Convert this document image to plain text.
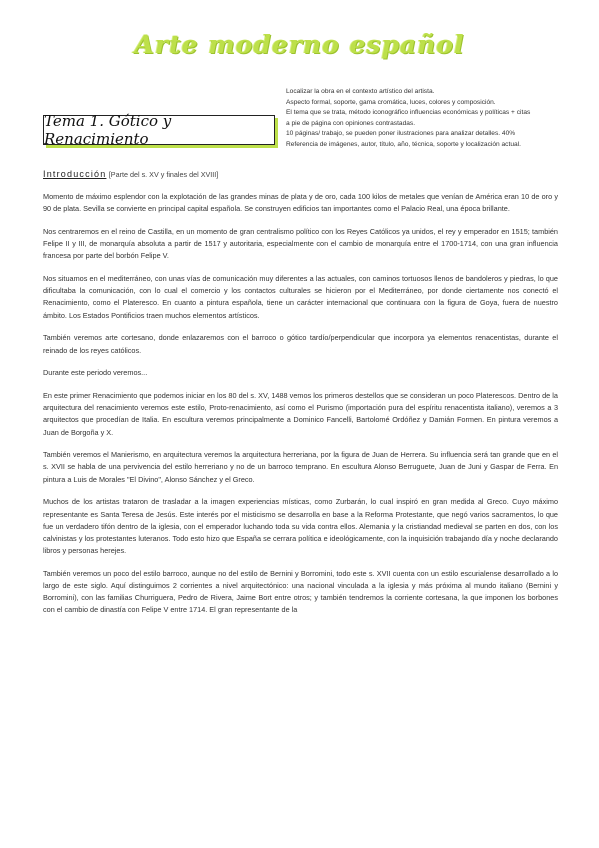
Arte moderno español
Localizar la obra en el contexto artístico del artista.
Aspecto formal, soporte, gama cromática, luces, colores y composición.
El tema que se trata, método iconográfico influencias económicas y políticas + citas
a pie de página con opiniones contrastadas.
10 páginas/ trabajo, se pueden poner ilustraciones para analizar detalles. 40%
Referencia de imágenes, autor, título, año, técnica, soporte y localización actual.
Tema 1. Gótico y Renacimiento
Introducción [Parte del s. XV y finales del XVIII]

Momento de máximo esplendor con la explotación de las grandes minas de plata y de oro, cada 100 kilos de metales que venían de América eran 10 de oro y 90 de plata. Sevilla se convierte en principal capital española. Se construyen edificios tan importantes como el Palacio Real, una época brillante.

Nos centraremos en el reino de Castilla, en un momento de gran centralismo político con los Reyes Católicos ya unidos, el rey y emperador en 1515; también Felipe II y III, de monarquía absoluta a partir de 1517 y autoritaria, especialmente con el cambio de monarquía entre el 1700-1714, con una gran influencia francesa por parte del borbón Felipe V.

Nos situamos en el mediterráneo, con unas vías de comunicación muy diferentes a las actuales, con caminos tortuosos llenos de bandoleros y piedras, lo que dificultaba la comunicación, con lo cual el comercio y los contactos culturales se hicieron por el Mediterráneo, por donde ciertamente nos conectó el Renacimiento, como el Plateresco. En cuanto a pintura española, tiene un carácter internacional que continuara con la figura de Goya, fuera de nuestro ámbito. Los Estados Pontificios traen muchos elementos artísticos.

También veremos arte cortesano, donde enlazaremos con el barroco o gótico tardío/perpendicular que incorpora ya elementos renacentistas, durante el reinado de los reyes católicos.

Durante este periodo veremos...

En este primer Renacimiento que podemos iniciar en los 80 del s. XV, 1488 vemos los primeros destellos que se consideran un poco Platerescos. Dentro de la arquitectura del renacimiento veremos este estilo, Proto-renacimiento, así como el Purismo (importación pura del espíritu renacentista italiano), veremos a 3 arquitectos que procedían de Italia. En escultura veremos principalmente a Dominico Fancelli, Bartolomé Ordóñez y Damián Formen. En pintura veremos a Juan de Borgoña y X.

También veremos el Manierismo, en arquitectura veremos la arquitectura herreriana, por la figura de Juan de Herrera. Su influencia será tan grande que en el s. XVII se habla de una pervivencia del estilo herreriano y no de un barroco temprano. En escultura Alonso Berruguete, Juan de Juni y Gaspar de Ferra. En pintura a Luis de Morales "El Divino", Alonso Sánchez y el Greco.

Muchos de los artistas trataron de trasladar a la imagen experiencias místicas, como Zurbarán, lo cual inspiró en gran medida al Greco. Cuyo máximo representante es Santa Teresa de Jesús. Este interés por el misticismo se desarrolla en base a la Reforma Protestante, que negó varios sacramentos, lo que fue un verdadero tifón dentro de la iglesia, con el emperador luchando toda su vida contra ellos. Alemania y la cristiandad medieval se parten en dos, con los calvinistas y los protestantes luteranos. Todo esto hizo que España se cerrara política e ideológicamente, con la inquisición trabajando día y noche declarando libros y personas herejes.

También veremos un poco del estilo barroco, aunque no del estilo de Bernini y Borromini, todo este s. XVII cuenta con un estilo escurialense desarrollado a lo largo de este siglo. Aquí distinguimos 2 corrientes a nivel arquitectónico: una nacional vinculada a la iglesia y más próxima al mundo italiano (Bernini y Borromini), con las familias Churriguera, Pedro de Rivera, Jaime Bort entre otros; y también tendremos la corriente cortesana, la que imponen los borbones con el cambio de dinastía con Felipe V entre 1714. El gran representante de la
